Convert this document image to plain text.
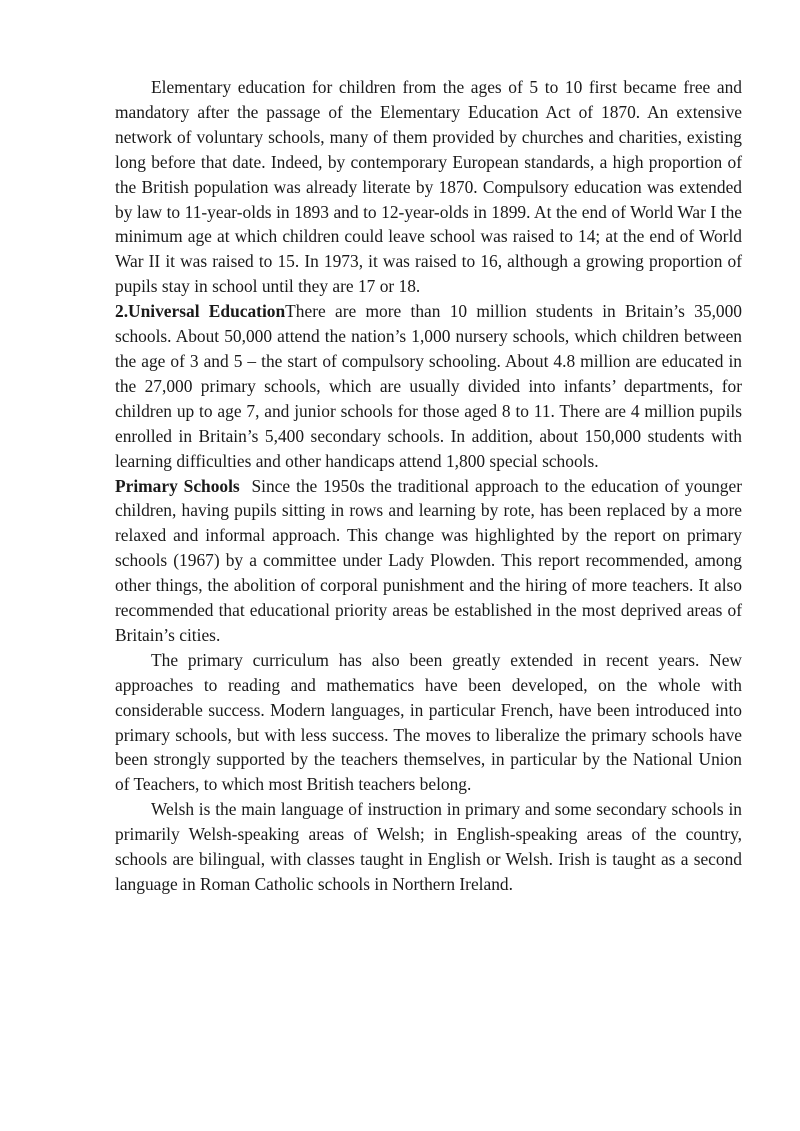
Elementary education for children from the ages of 5 to 10 first became free and mandatory after the passage of the Elementary Education Act of 1870. An extensive network of voluntary schools, many of them provided by churches and charities, existing long before that date. Indeed, by contemporary European standards, a high proportion of the British population was already literate by 1870. Compulsory education was extended by law to 11-year-olds in 1893 and to 12-year-olds in 1899. At the end of World War I the minimum age at which children could leave school was raised to 14; at the end of World War II it was raised to 15. In 1973, it was raised to 16, although a growing proportion of pupils stay in school until they are 17 or 18.

2.Universal EducationThere are more than 10 million students in Britain’s 35,000 schools. About 50,000 attend the nation’s 1,000 nursery schools, which children between the age of 3 and 5 – the start of compulsory schooling. About 4.8 million are educated in the 27,000 primary schools, which are usually divided into infants’ departments, for children up to age 7, and junior schools for those aged 8 to 11. There are 4 million pupils enrolled in Britain’s 5,400 secondary schools. In addition, about 150,000 students with learning difficulties and other handicaps attend 1,800 special schools.

Primary Schools Since the 1950s the traditional approach to the education of younger children, having pupils sitting in rows and learning by rote, has been replaced by a more relaxed and informal approach. This change was highlighted by the report on primary schools (1967) by a committee under Lady Plowden. This report recommended, among other things, the abolition of corporal punishment and the hiring of more teachers. It also recommended that educational priority areas be established in the most deprived areas of Britain’s cities.

The primary curriculum has also been greatly extended in recent years. New approaches to reading and mathematics have been developed, on the whole with considerable success. Modern languages, in particular French, have been introduced into primary schools, but with less success. The moves to liberalize the primary schools have been strongly supported by the teachers themselves, in particular by the National Union of Teachers, to which most British teachers belong.

Welsh is the main language of instruction in primary and some secondary schools in primarily Welsh-speaking areas of Welsh; in English-speaking areas of the country, schools are bilingual, with classes taught in English or Welsh. Irish is taught as a second language in Roman Catholic schools in Northern Ireland.
